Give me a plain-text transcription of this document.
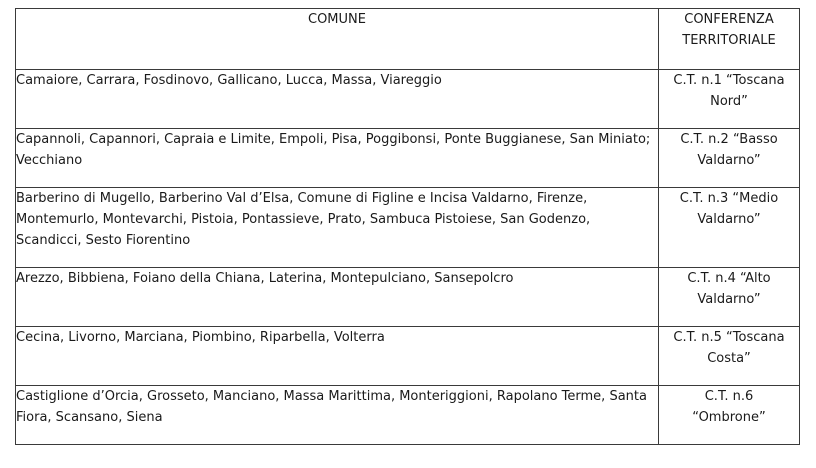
COMUNE	CONFERENZA
TERRITORIALE

Camaiore, Carrara, Fosdinovo, Gallicano, Lucca, Massa, Viareggio	C.T. n.1 “Toscana
Nord”

Capannoli, Capannori, Capraia e Limite, Empoli, Pisa, Poggibonsi, Ponte Buggianese, San Miniato; Vecchiano	C.T. n.2 “Basso
Valdarno”

Barberino di Mugello, Barberino Val d’Elsa, Comune di Figline e Incisa Valdarno, Firenze, Montemurlo, Montevarchi, Pistoia, Pontassieve, Prato, Sambuca Pistoiese, San Godenzo, Scandicci, Sesto Fiorentino	C.T. n.3 “Medio
Valdarno”

Arezzo, Bibbiena, Foiano della Chiana, Laterina, Montepulciano, Sansepolcro	C.T. n.4 “Alto
Valdarno”

Cecina, Livorno, Marciana, Piombino, Riparbella, Volterra	C.T. n.5 “Toscana
Costa”

Castiglione d’Orcia, Grosseto, Manciano, Massa Marittima, Monteriggioni, Rapolano Terme, Santa Fiora, Scansano, Siena	C.T. n.6
“Ombrone”
